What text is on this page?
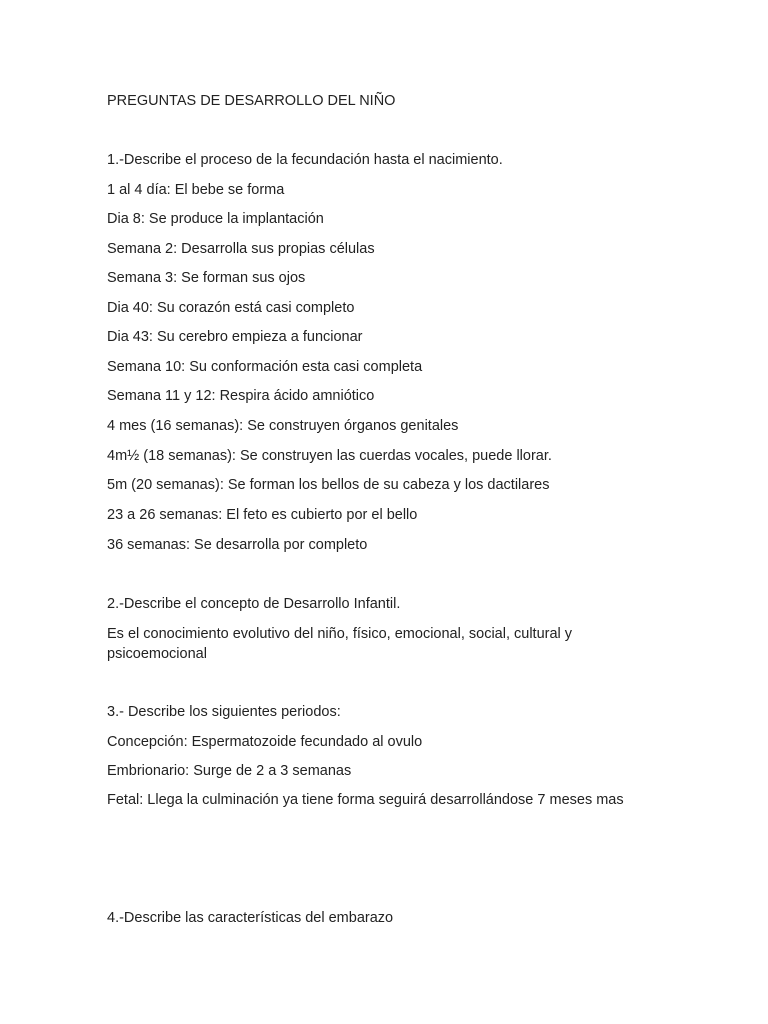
PREGUNTAS DE DESARROLLO DEL NIÑO
1.-Describe el proceso de la fecundación hasta el nacimiento.
1 al 4 día: El bebe se forma
Dia 8: Se produce la implantación
Semana 2: Desarrolla sus propias células
Semana 3: Se forman sus ojos
Dia 40: Su corazón está casi completo
Dia 43: Su cerebro empieza a funcionar
Semana 10: Su conformación esta casi completa
Semana 11 y 12: Respira ácido amniótico
4 mes (16 semanas): Se construyen órganos genitales
4m½ (18 semanas): Se construyen las cuerdas vocales, puede llorar.
5m (20 semanas): Se forman los bellos de su cabeza y los dactilares
23 a 26 semanas: El feto es cubierto por el bello
36 semanas: Se desarrolla por completo
2.-Describe el concepto de Desarrollo Infantil.
Es el conocimiento evolutivo del niño, físico, emocional, social, cultural y psicoemocional
3.- Describe los siguientes periodos:
Concepción: Espermatozoide fecundado al ovulo
Embrionario: Surge de 2 a 3 semanas
Fetal: Llega la culminación ya tiene forma seguirá desarrollándose 7 meses mas
4.-Describe las características del embarazo
